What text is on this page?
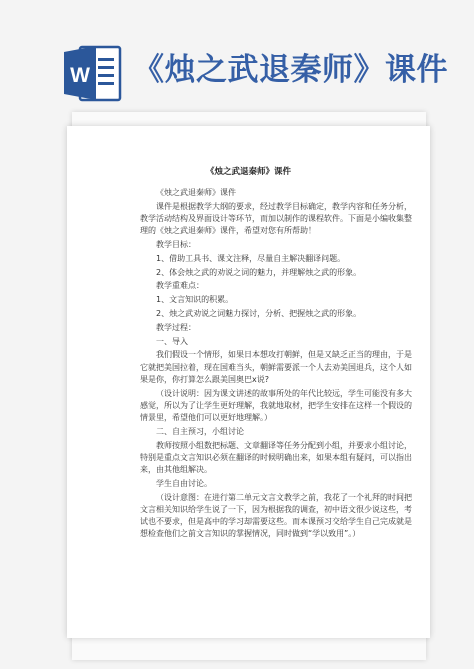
W 《烛之武退秦师》课件
《烛之武退秦师》课件

《烛之武退秦师》课件

课件是根据教学大纲的要求，经过教学目标确定，教学内容和任务分析，教学活动结构及界面设计等环节，而加以制作的课程软件。下面是小编收集整理的《烛之武退秦师》课件，希望对您有所帮助！

教学目标：

1、借助工具书、课文注释，尽量自主解决翻译问题。

2、体会烛之武的劝说之词的魅力，并理解烛之武的形象。

教学重难点：

1、文言知识的积累。

2、烛之武劝说之词魅力探讨，分析、把握烛之武的形象。

教学过程：

一、导入

我们假设一个情形，如果日本想攻打朝鲜，但是又缺乏正当的理由，于是它就把美国拉着，现在国难当头，朝鲜需要派一个人去劝美国退兵，这个人如果是你，你打算怎么跟美国奥巴x说?

（设计说明：因为课文讲述的故事所处的年代比较远，学生可能没有多大感觉，所以为了让学生更好理解，我就地取材，把学生安排在这样一个假设的情景里，希望他们可以更好地理解。）

二、自主预习，小组讨论

教师按照小组数把标题、文章翻译等任务分配到小组，并要求小组讨论，特别是重点文言知识必须在翻译的时候明确出来，如果本组有疑问，可以指出来，由其他组解决。

学生自由讨论。

（设计意图：在进行第二单元文言文教学之前，我花了一个礼拜的时间把文言相关知识给学生说了一下，因为根据我的调查，初中语文很少说这些，考试也不要求，但是高中的学习却需要这些。而本课预习交给学生自己完成就是想检查他们之前文言知识的掌握情况，同时做到“学以致用”。）
